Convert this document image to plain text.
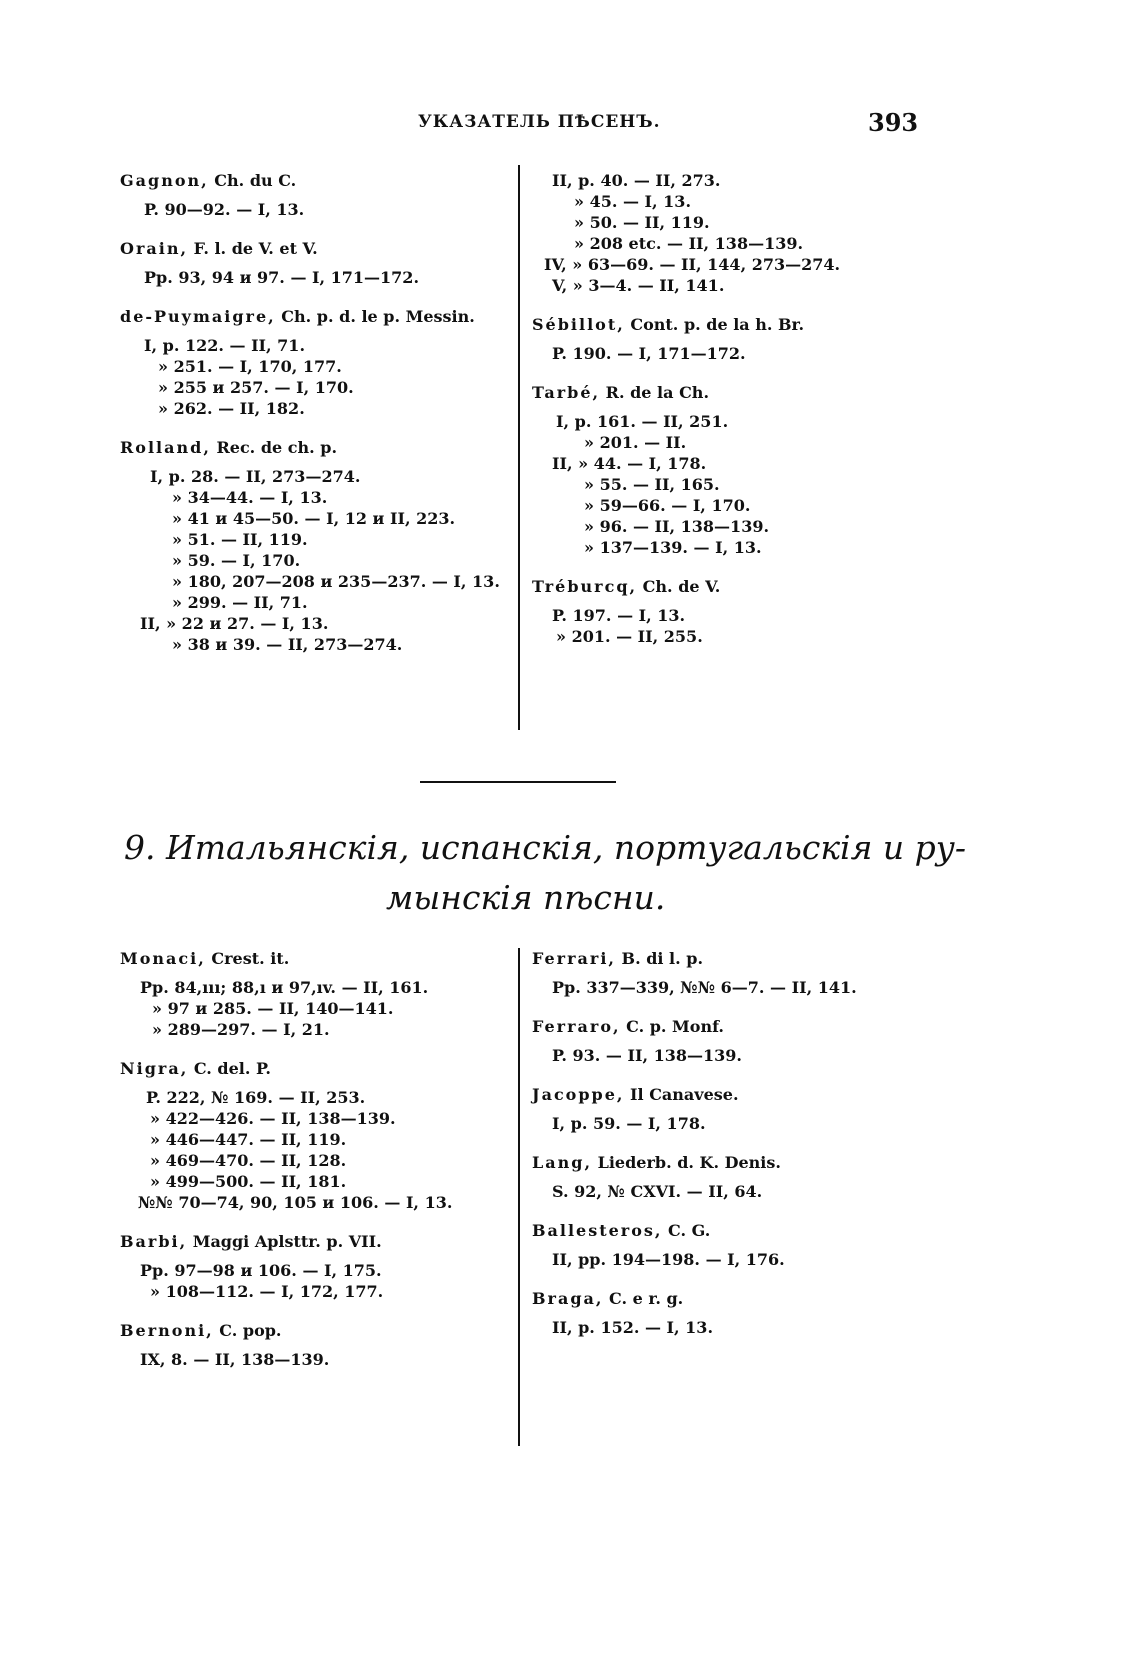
УКАЗАТЕЛЬ ПѢСЕНЪ.	393
Gagnon, Ch. du C.
P. 90—92. — I, 13.
Orain, F. l. de V. et V.
Pp. 93, 94 и 97. — I, 171—172.
de-Puymaigre, Ch. p. d. le p. Messin.
I, p. 122. — II, 71.
» 251. — I, 170, 177.
» 255 и 257. — I, 170.
» 262. — II, 182.
Rolland, Rec. de ch. p.
I, p. 28. — II, 273—274.
» 34—44. — I, 13.
» 41 и 45—50. — I, 12 и II, 223.
» 51. — II, 119.
» 59. — I, 170.
» 180, 207—208 и 235—237. — I, 13.
» 299. — II, 71.
II, » 22 и 27. — I, 13.
» 38 и 39. — II, 273—274.
II, p. 40. — II, 273.
» 45. — I, 13.
» 50. — II, 119.
» 208 etc. — II, 138—139.
IV, » 63—69. — II, 144, 273—274.
V, » 3—4. — II, 141.
Sébillot, Cont. p. de la h. Br.
P. 190. — I, 171—172.
Tarbé, R. de la Ch.
I, p. 161. — II, 251.
» 201. — II.
II, » 44. — I, 178.
» 55. — II, 165.
» 59—66. — I, 170.
» 96. — II, 138—139.
» 137—139. — I, 13.
Tréburcq, Ch. de V.
P. 197. — I, 13.
» 201. — II, 255.
9. Итальянскія, испанскія, португальскія и ру-
мынскія пѣсни.
Monaci, Crest. it.
Pp. 84,ııı; 88,ı и 97,ıv. — II, 161.
» 97 и 285. — II, 140—141.
» 289—297. — I, 21.
Nigra, C. del. P.
P. 222, № 169. — II, 253.
» 422—426. — II, 138—139.
» 446—447. — II, 119.
» 469—470. — II, 128.
» 499—500. — II, 181.
№№ 70—74, 90, 105 и 106. — I, 13.
Barbi, Maggi Aplsttr. p. VII.
Pp. 97—98 и 106. — I, 175.
» 108—112. — I, 172, 177.
Bernoni, C. pop.
IX, 8. — II, 138—139.
Ferrari, B. di l. p.
Pp. 337—339, №№ 6—7. — II, 141.
Ferraro, C. p. Monf.
P. 93. — II, 138—139.
Jacoppe, Il Canavese.
I, p. 59. — I, 178.
Lang, Liederb. d. K. Denis.
S. 92, № CXVI. — II, 64.
Ballesteros, C. G.
II, pp. 194—198. — I, 176.
Braga, C. e r. g.
II, p. 152. — I, 13.
